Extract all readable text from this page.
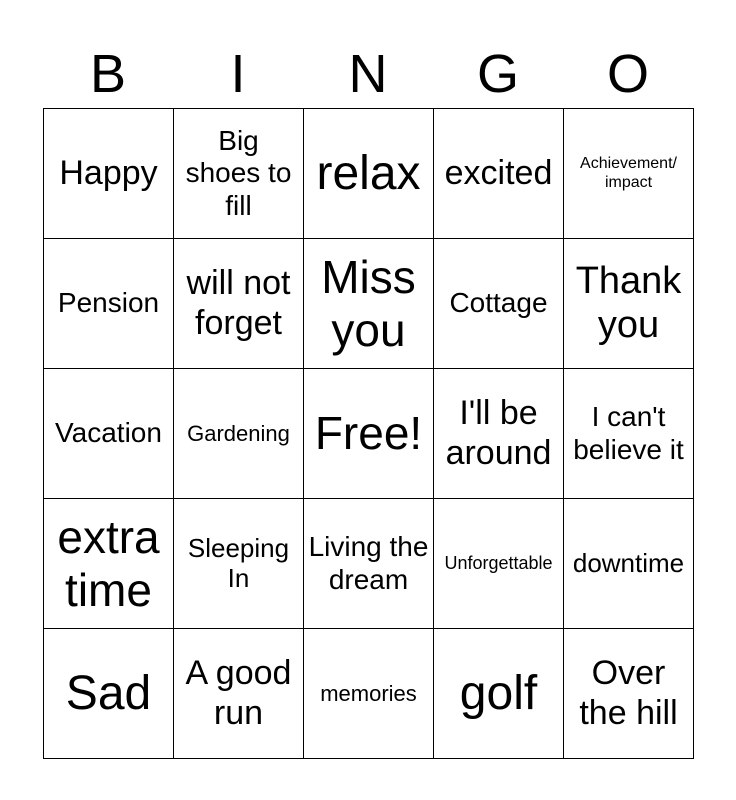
B	I	N	G	O
Happy	Big shoes to fill	relax	excited	Achievement/ impact
Pension	will not forget	Miss you	Cottage	Thank you
Vacation	Gardening	Free!	I'll be around	I can't believe it
extra time	Sleeping In	Living the dream	Unforgettable	downtime
Sad	A good run	memories	golf	Over the hill
